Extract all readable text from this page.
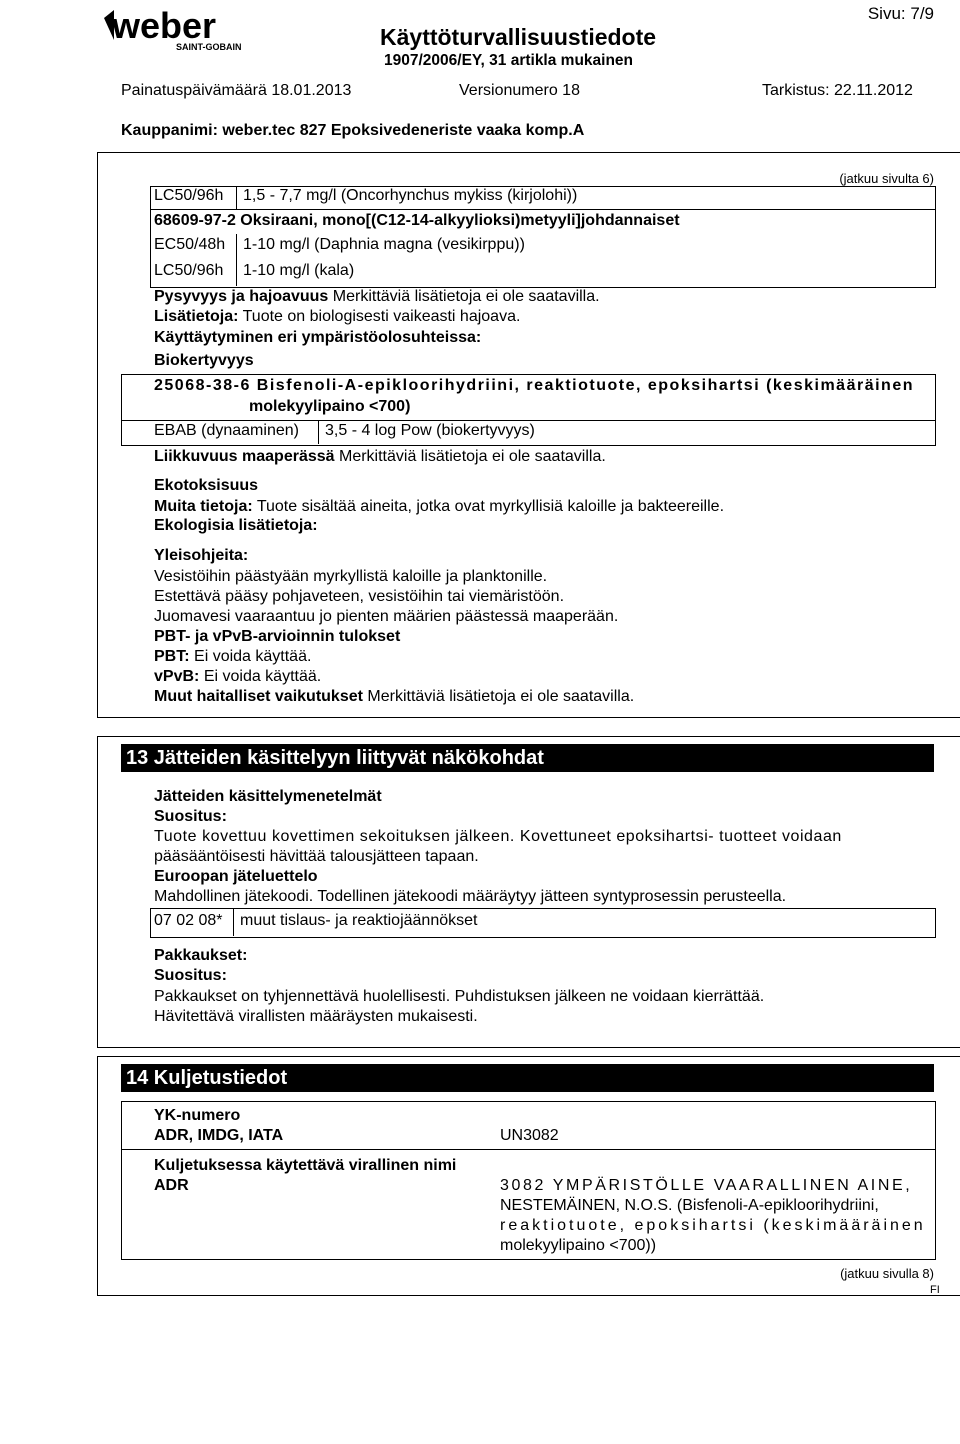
weber
SAINT-GOBAIN	Käyttöturvallisuustiedote
1907/2006/EY, 31 artikla mukainen
Sivu: 7/9
Painatuspäivämäärä 18.01.2013	Versionumero 18	Tarkistus: 22.11.2012
Kauppanimi: weber.tec 827 Epoksivedeneriste vaaka komp.A
(jatkuu sivulta 6)
LC50/96h 1,5 - 7,7 mg/l (Oncorhynchus mykiss (kirjolohi))
68609-97-2 Oksiraani, mono[(C12-14-alkyylioksi)metyyli]johdannaiset
EC50/48h 1-10 mg/l (Daphnia magna (vesikirppu))
LC50/96h 1-10 mg/l (kala)
Pysyvyys ja hajoavuus Merkittäviä lisätietoja ei ole saatavilla.
Lisätietoja: Tuote on biologisesti vaikeasti hajoava.
Käyttäytyminen eri ympäristöolosuhteissa:
Biokertyvyys
25068-38-6 Bisfenoli-A-epikloorihydriini, reaktiotuote, epoksihartsi (keskimääräinen
molekyylipaino <700)
EBAB (dynaaminen) 3,5 - 4 log Pow (biokertyvyys)
Liikkuvuus maaperässä Merkittäviä lisätietoja ei ole saatavilla.
Ekotoksisuus
Muita tietoja: Tuote sisältää aineita, jotka ovat myrkyllisiä kaloille ja bakteereille.
Ekologisia lisätietoja:
Yleisohjeita:
Vesistöihin päästyään myrkyllistä kaloille ja planktonille.
Estettävä pääsy pohjaveteen, vesistöihin tai viemäristöön.
Juomavesi vaaraantuu jo pienten määrien päästessä maaperään.
PBT- ja vPvB-arvioinnin tulokset
PBT: Ei voida käyttää.
vPvB: Ei voida käyttää.
Muut haitalliset vaikutukset Merkittäviä lisätietoja ei ole saatavilla.
13 Jätteiden käsittelyyn liittyvät näkökohdat
Jätteiden käsittelymenetelmät
Suositus:
Tuote kovettuu kovettimen sekoituksen jälkeen. Kovettuneet epoksihartsi- tuotteet voidaan
pääsääntöisesti hävittää talousjätteen tapaan.
Euroopan jäteluettelo
Mahdollinen jätekoodi. Todellinen jätekoodi määräytyy jätteen syntyprosessin perusteella.
07 02 08* muut tislaus- ja reaktiojäännökset
Pakkaukset:
Suositus:
Pakkaukset on tyhjennettävä huolellisesti. Puhdistuksen jälkeen ne voidaan kierrättää.
Hävitettävä virallisten määräysten mukaisesti.
14 Kuljetustiedot
YK-numero
ADR, IMDG, IATA	UN3082
Kuljetuksessa käytettävä virallinen nimi
ADR	3082 YMPÄRISTÖLLE VAARALLINEN AINE,
NESTEMÄINEN, N.O.S. (Bisfenoli-A-epikloorihydriini,
reaktiotuote, epoksihartsi (keskimääräinen
molekyylipaino <700))
(jatkuu sivulla 8)
FI
